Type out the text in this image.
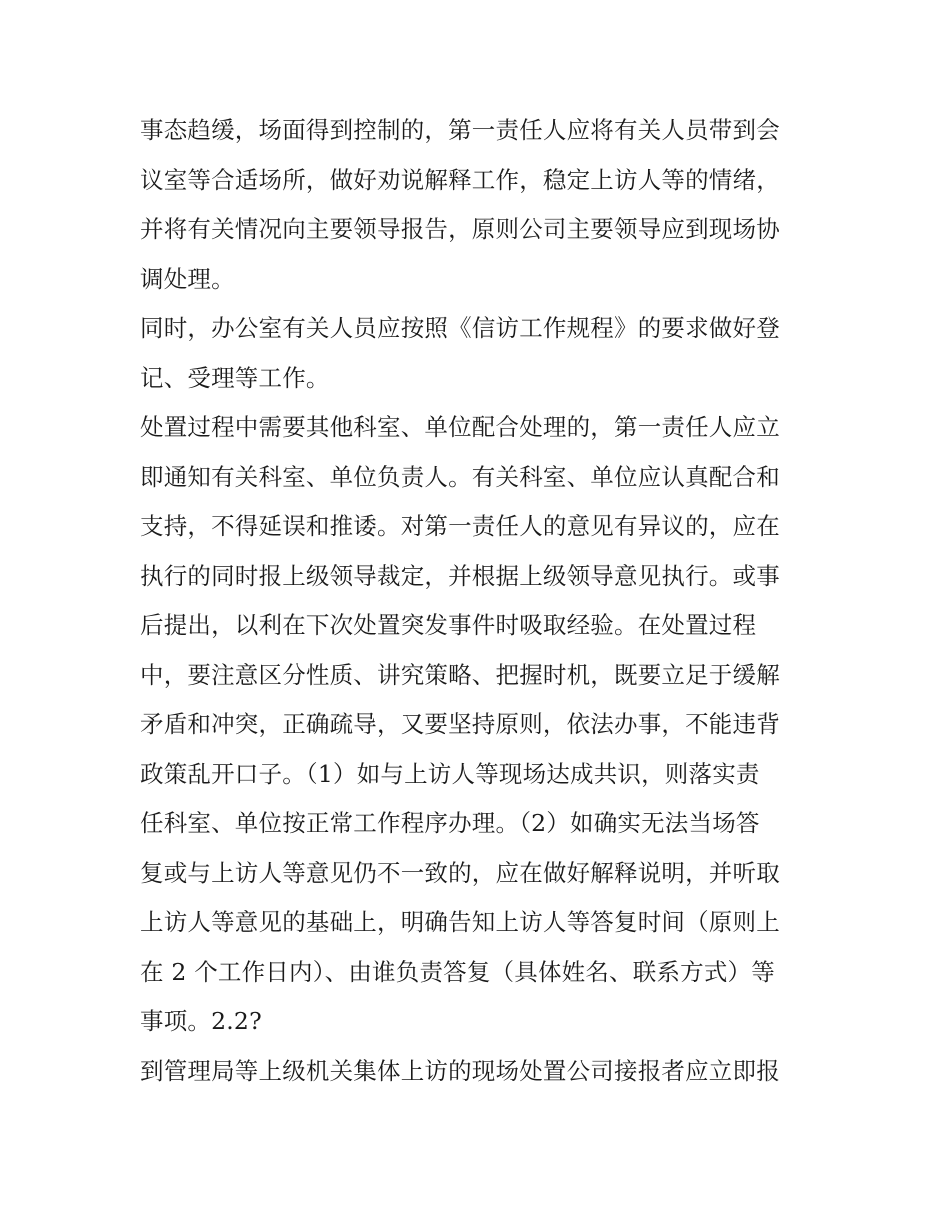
事态趋缓，场面得到控制的，第一责任人应将有关人员带到会
议室等合适场所，做好劝说解释工作，稳定上访人等的情绪，
并将有关情况向主要领导报告，原则公司主要领导应到现场协
调处理。
同时，办公室有关人员应按照《信访工作规程》的要求做好登
记、受理等工作。
处置过程中需要其他科室、单位配合处理的，第一责任人应立
即通知有关科室、单位负责人。有关科室、单位应认真配合和
支持，不得延误和推诿。对第一责任人的意见有异议的，应在
执行的同时报上级领导裁定，并根据上级领导意见执行。或事
后提出，以利在下次处置突发事件时吸取经验。在处置过程
中，要注意区分性质、讲究策略、把握时机，既要立足于缓解
矛盾和冲突，正确疏导，又要坚持原则，依法办事，不能违背
政策乱开口子。（1）如与上访人等现场达成共识，则落实责
任科室、单位按正常工作程序办理。（2）如确实无法当场答
复或与上访人等意见仍不一致的，应在做好解释说明，并听取
上访人等意见的基础上，明确告知上访人等答复时间（原则上
在 2 个工作日内）、由谁负责答复（具体姓名、联系方式）等
事项。2.2?
到管理局等上级机关集体上访的现场处置公司接报者应立即报
